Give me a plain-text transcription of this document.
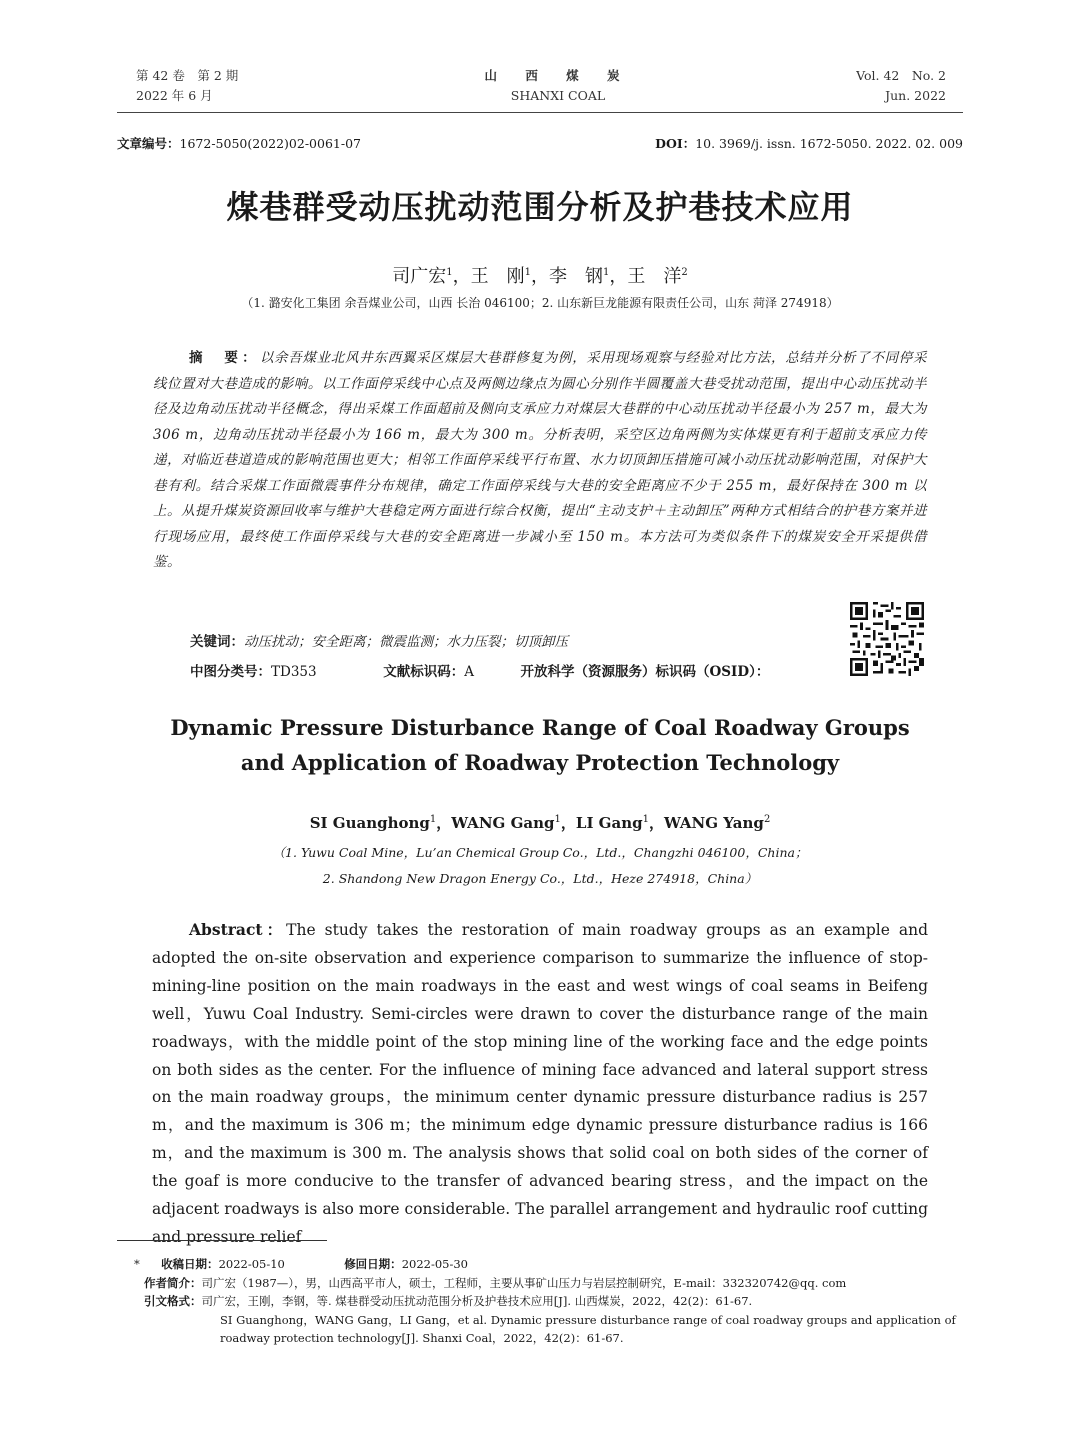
第 42 卷　第 2 期
2022 年 6 月
山 西 煤 炭
SHANXI COAL
Vol. 42　No. 2
Jun. 2022
文章编号：1672-5050(2022)02-0061-07	DOI：10. 3969/j. issn. 1672-5050. 2022. 02. 009
煤巷群受动压扰动范围分析及护巷技术应用
司广宏$^1$，王　刚$^1$，李　钢$^1$，王　洋$^2$
（1. 潞安化工集团 余吾煤业公司，山西 长治 046100；2. 山东新巨龙能源有限责任公司，山东 菏泽 274918）
摘　要：以余吾煤业北风井东西翼采区煤层大巷群修复为例，采用现场观察与经验对比方法，总结并分析了不同停采线位置对大巷造成的影响。以工作面停采线中心点及两侧边缘点为圆心分别作半圆覆盖大巷受扰动范围，提出中心动压扰动半径及边角动压扰动半径概念，得出采煤工作面超前及侧向支承应力对煤层大巷群的中心动压扰动半径最小为 257 m，最大为 306 m，边角动压扰动半径最小为 166 m，最大为 300 m。分析表明，采空区边角两侧为实体煤更有利于超前支承应力传递，对临近巷道造成的影响范围也更大；相邻工作面停采线平行布置、水力切顶卸压措施可减小动压扰动影响范围，对保护大巷有利。结合采煤工作面微震事件分布规律，确定工作面停采线与大巷的安全距离应不少于 255 m，最好保持在 300 m 以上。从提升煤炭资源回收率与维护大巷稳定两方面进行综合权衡，提出“主动支护＋主动卸压”两种方式相结合的护巷方案并进行现场应用，最终使工作面停采线与大巷的安全距离进一步减小至 150 m。本方法可为类似条件下的煤炭安全开采提供借鉴。
关键词：动压扰动；安全距离；微震监测；水力压裂；切顶卸压
中图分类号：TD353	文献标识码：A	开放科学（资源服务）标识码（OSID）：
Dynamic Pressure Disturbance Range of Coal Roadway Groups
and Application of Roadway Protection Technology
SI Guanghong$^1$，WANG Gang$^1$，LI Gang$^1$，WANG Yang$^2$
（1. Yuwu Coal Mine，Lu’an Chemical Group Co.，Ltd.，Changzhi 046100，China；
2. Shandong New Dragon Energy Co.，Ltd.，Heze 274918，China）
Abstract：The study takes the restoration of main roadway groups as an example and adopted the on-site observation and experience comparison to summarize the influence of stop-mining-line position on the main roadways in the east and west wings of coal seams in Beifeng well，Yuwu Coal Industry. Semi-circles were drawn to cover the disturbance range of the main roadways，with the middle point of the stop mining line of the working face and the edge points on both sides as the center. For the influence of mining face advanced and lateral support stress on the main roadway groups，the minimum center dynamic pressure disturbance radius is 257 m，and the maximum is 306 m；the minimum edge dynamic pressure disturbance radius is 166 m，and the maximum is 300 m. The analysis shows that solid coal on both sides of the corner of the goaf is more conducive to the transfer of advanced bearing stress，and the impact on the adjacent roadways is also more considerable. The parallel arrangement and hydraulic roof cutting and pressure relief
* 收稿日期：2022-05-10	修回日期：2022-05-30
作者简介：司广宏（1987—），男，山西高平市人，硕士，工程师，主要从事矿山压力与岩层控制研究，E-mail：332320742@qq. com
引文格式：司广宏，王刚，李钢，等. 煤巷群受动压扰动范围分析及护巷技术应用[J]. 山西煤炭，2022，42(2)：61-67.
SI Guanghong，WANG Gang，LI Gang，et al. Dynamic pressure disturbance range of coal roadway groups and application of roadway protection technology[J]. Shanxi Coal，2022，42(2)：61-67.
